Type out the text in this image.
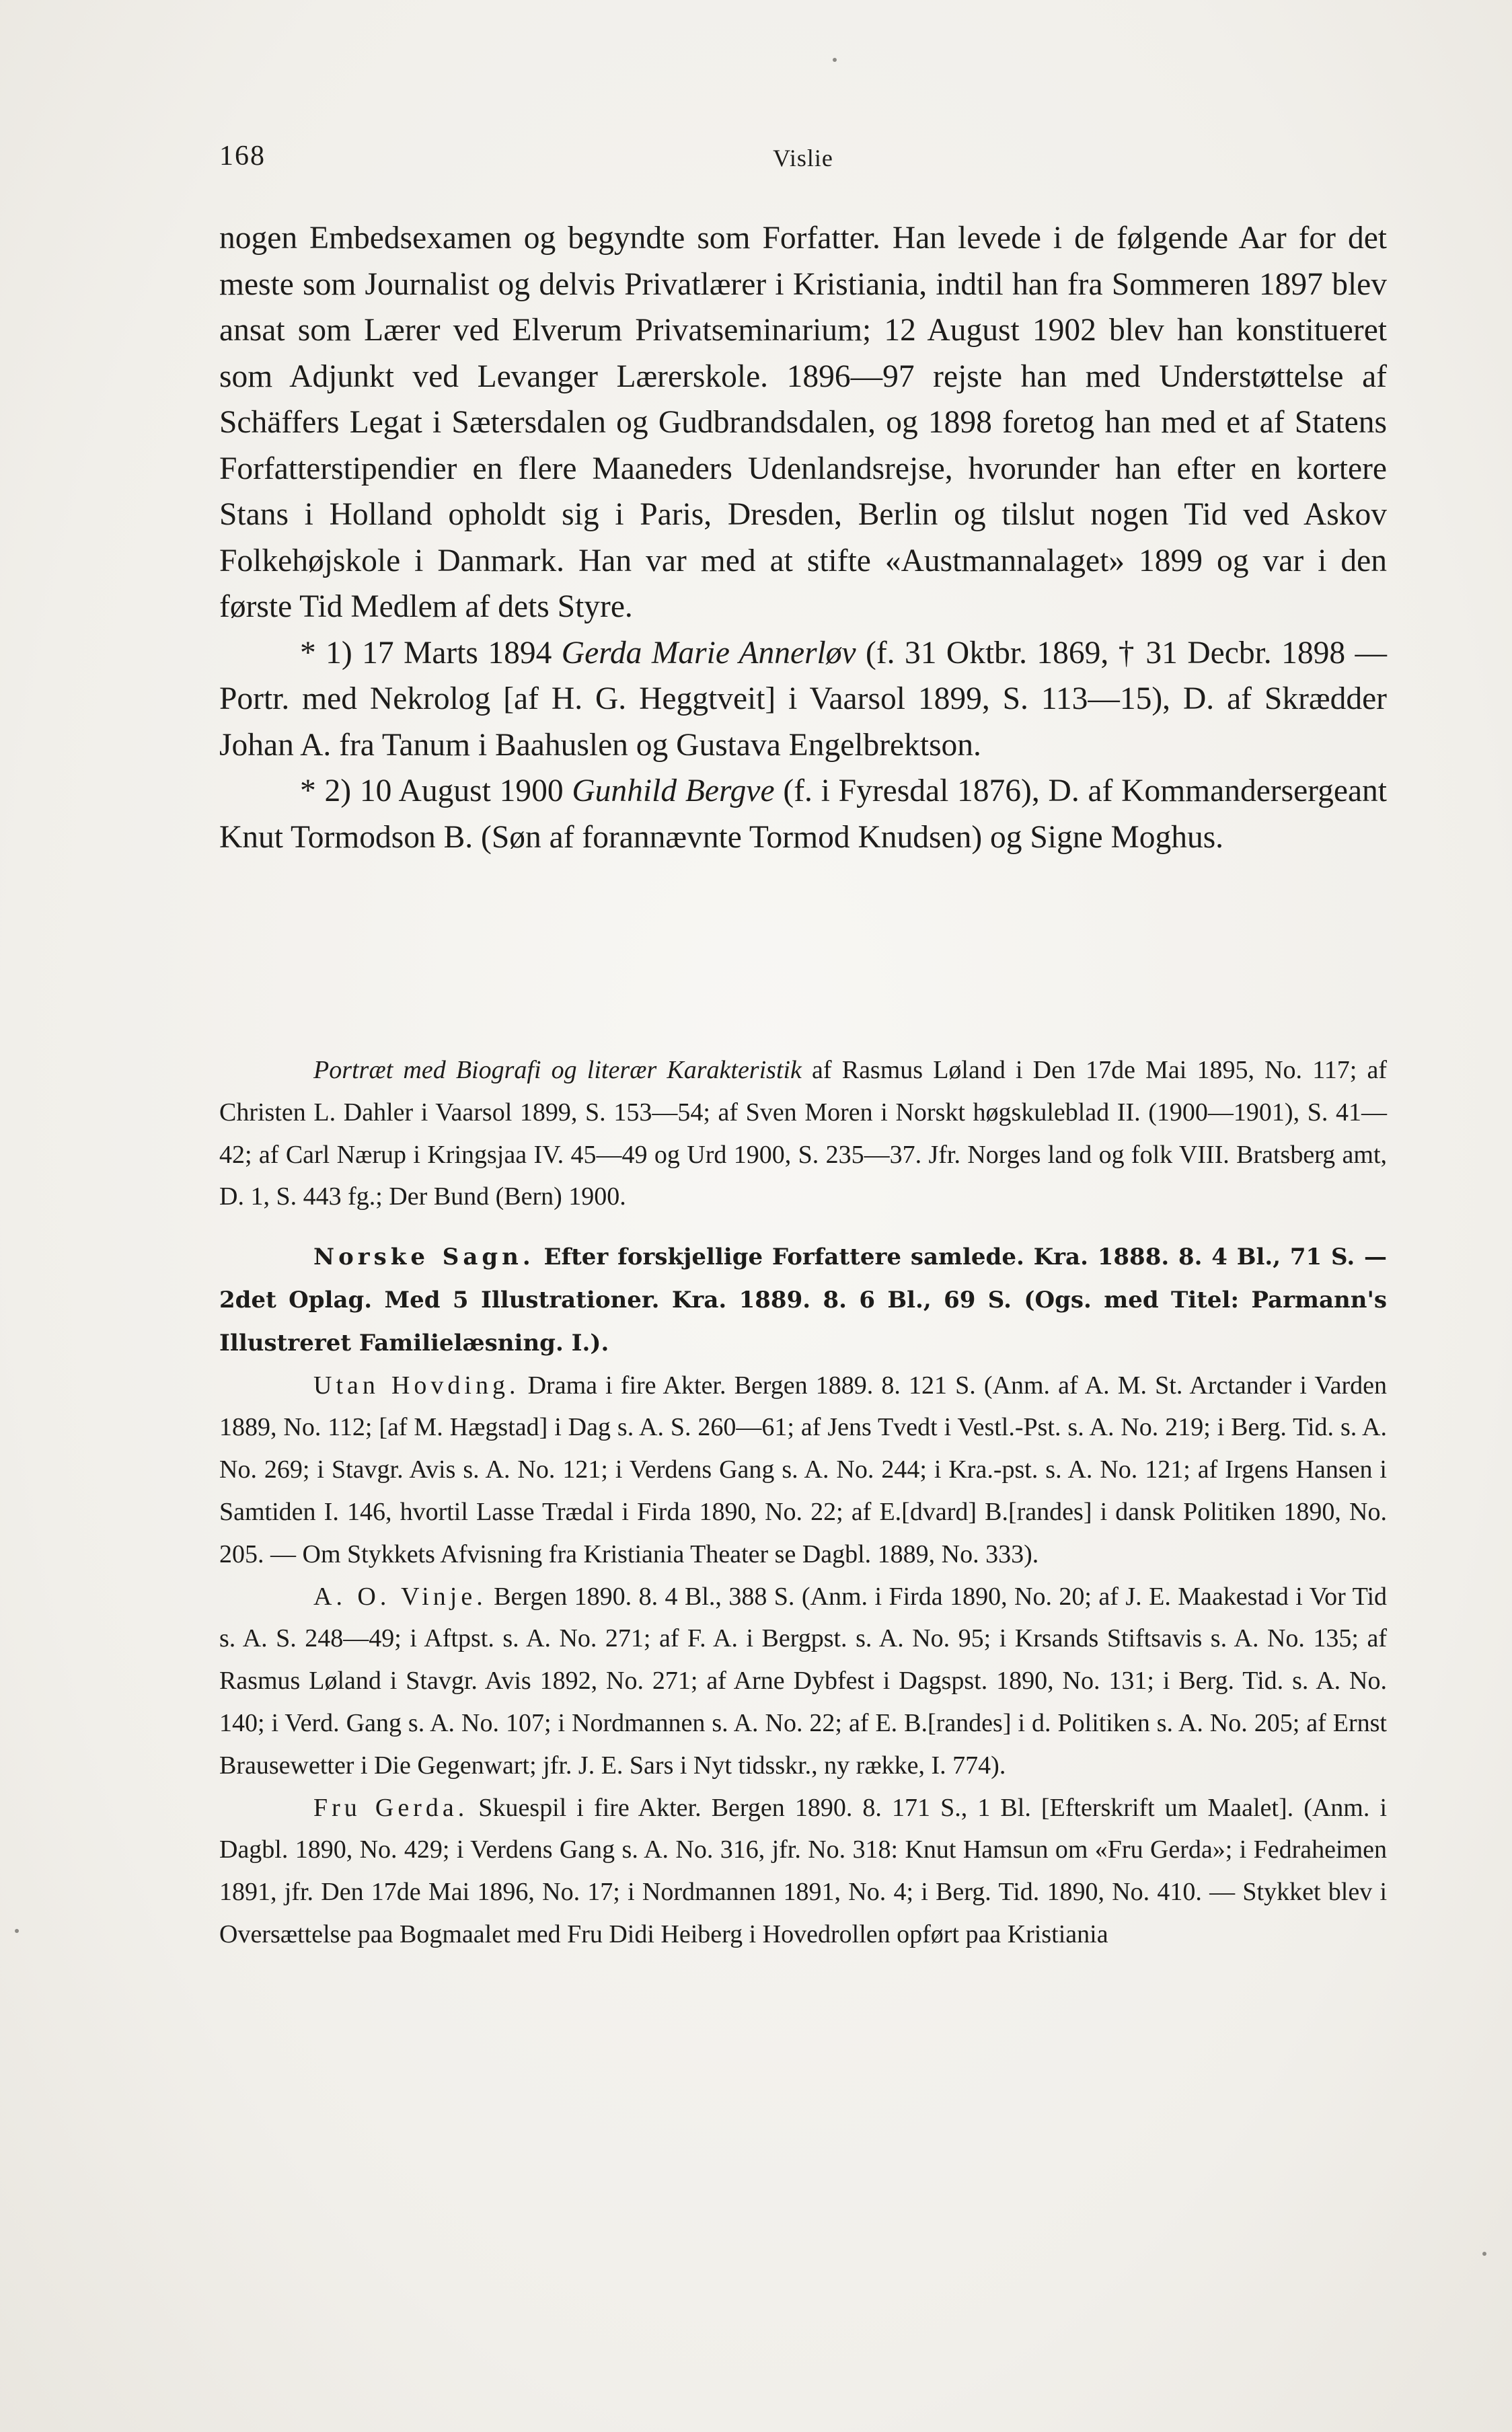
168	Vislie

nogen Embedsexamen og begyndte som Forfatter. Han levede i de følgende Aar for det meste som Journalist og delvis Privatlærer i Kristiania, indtil han fra Sommeren 1897 blev ansat som Lærer ved Elverum Privatseminarium; 12 August 1902 blev han konstitueret som Adjunkt ved Levanger Lærerskole. 1896—97 rejste han med Understøttelse af Schäffers Legat i Sætersdalen og Gudbrandsdalen, og 1898 foretog han med et af Statens Forfatterstipendier en flere Maaneders Udenlandsrejse, hvorunder han efter en kortere Stans i Holland opholdt sig i Paris, Dresden, Berlin og tilslut nogen Tid ved Askov Folkehøjskole i Danmark. Han var med at stifte «Austmannalaget» 1899 og var i den første Tid Medlem af dets Styre.

* 1) 17 Marts 1894 Gerda Marie Annerløv (f. 31 Oktbr. 1869, † 31 Decbr. 1898 — Portr. med Nekrolog [af H. G. Heggtveit] i Vaarsol 1899, S. 113—15), D. af Skrædder Johan A. fra Tanum i Baahuslen og Gustava Engelbrektson.

* 2) 10 August 1900 Gunhild Bergve (f. i Fyresdal 1876), D. af Kommandersergeant Knut Tormodson B. (Søn af forannævnte Tormod Knudsen) og Signe Moghus.

Portræt med Biografi og literær Karakteristik af Rasmus Løland i Den 17de Mai 1895, No. 117; af Christen L. Dahler i Vaarsol 1899, S. 153—54; af Sven Moren i Norskt høgskuleblad II. (1900—1901), S. 41—42; af Carl Nærup i Kringsjaa IV. 45—49 og Urd 1900, S. 235—37. Jfr. Norges land og folk VIII. Bratsberg amt, D. 1, S. 443 fg.; Der Bund (Bern) 1900.

Norske Sagn. Efter forskjellige Forfattere samlede. Kra. 1888. 8. 4 Bl., 71 S. — 2det Oplag. Med 5 Illustrationer. Kra. 1889. 8. 6 Bl., 69 S. (Ogs. med Titel: Parmann's Illustreret Familielæsning. I.).

Utan Hovding. Drama i fire Akter. Bergen 1889. 8. 121 S. (Anm. af A. M. St. Arctander i Varden 1889, No. 112; [af M. Hægstad] i Dag s. A. S. 260—61; af Jens Tvedt i Vestl.-Pst. s. A. No. 219; i Berg. Tid. s. A. No. 269; i Stavgr. Avis s. A. No. 121; i Verdens Gang s. A. No. 244; i Kra.-pst. s. A. No. 121; af Irgens Hansen i Samtiden I. 146, hvortil Lasse Trædal i Firda 1890, No. 22; af E.[dvard] B.[randes] i dansk Politiken 1890, No. 205. — Om Stykkets Afvisning fra Kristiania Theater se Dagbl. 1889, No. 333).

A. O. Vinje. Bergen 1890. 8. 4 Bl., 388 S. (Anm. i Firda 1890, No. 20; af J. E. Maakestad i Vor Tid s. A. S. 248—49; i Aftpst. s. A. No. 271; af F. A. i Bergpst. s. A. No. 95; i Krsands Stiftsavis s. A. No. 135; af Rasmus Løland i Stavgr. Avis 1892, No. 271; af Arne Dybfest i Dagspst. 1890, No. 131; i Berg. Tid. s. A. No. 140; i Verd. Gang s. A. No. 107; i Nordmannen s. A. No. 22; af E. B.[randes] i d. Politiken s. A. No. 205; af Ernst Brausewetter i Die Gegenwart; jfr. J. E. Sars i Nyt tidsskr., ny række, I. 774).

Fru Gerda. Skuespil i fire Akter. Bergen 1890. 8. 171 S., 1 Bl. [Efterskrift um Maalet]. (Anm. i Dagbl. 1890, No. 429; i Verdens Gang s. A. No. 316, jfr. No. 318: Knut Hamsun om «Fru Gerda»; i Fedraheimen 1891, jfr. Den 17de Mai 1896, No. 17; i Nordmannen 1891, No. 4; i Berg. Tid. 1890, No. 410. — Stykket blev i Oversættelse paa Bogmaalet med Fru Didi Heiberg i Hovedrollen opført paa Kristiania
